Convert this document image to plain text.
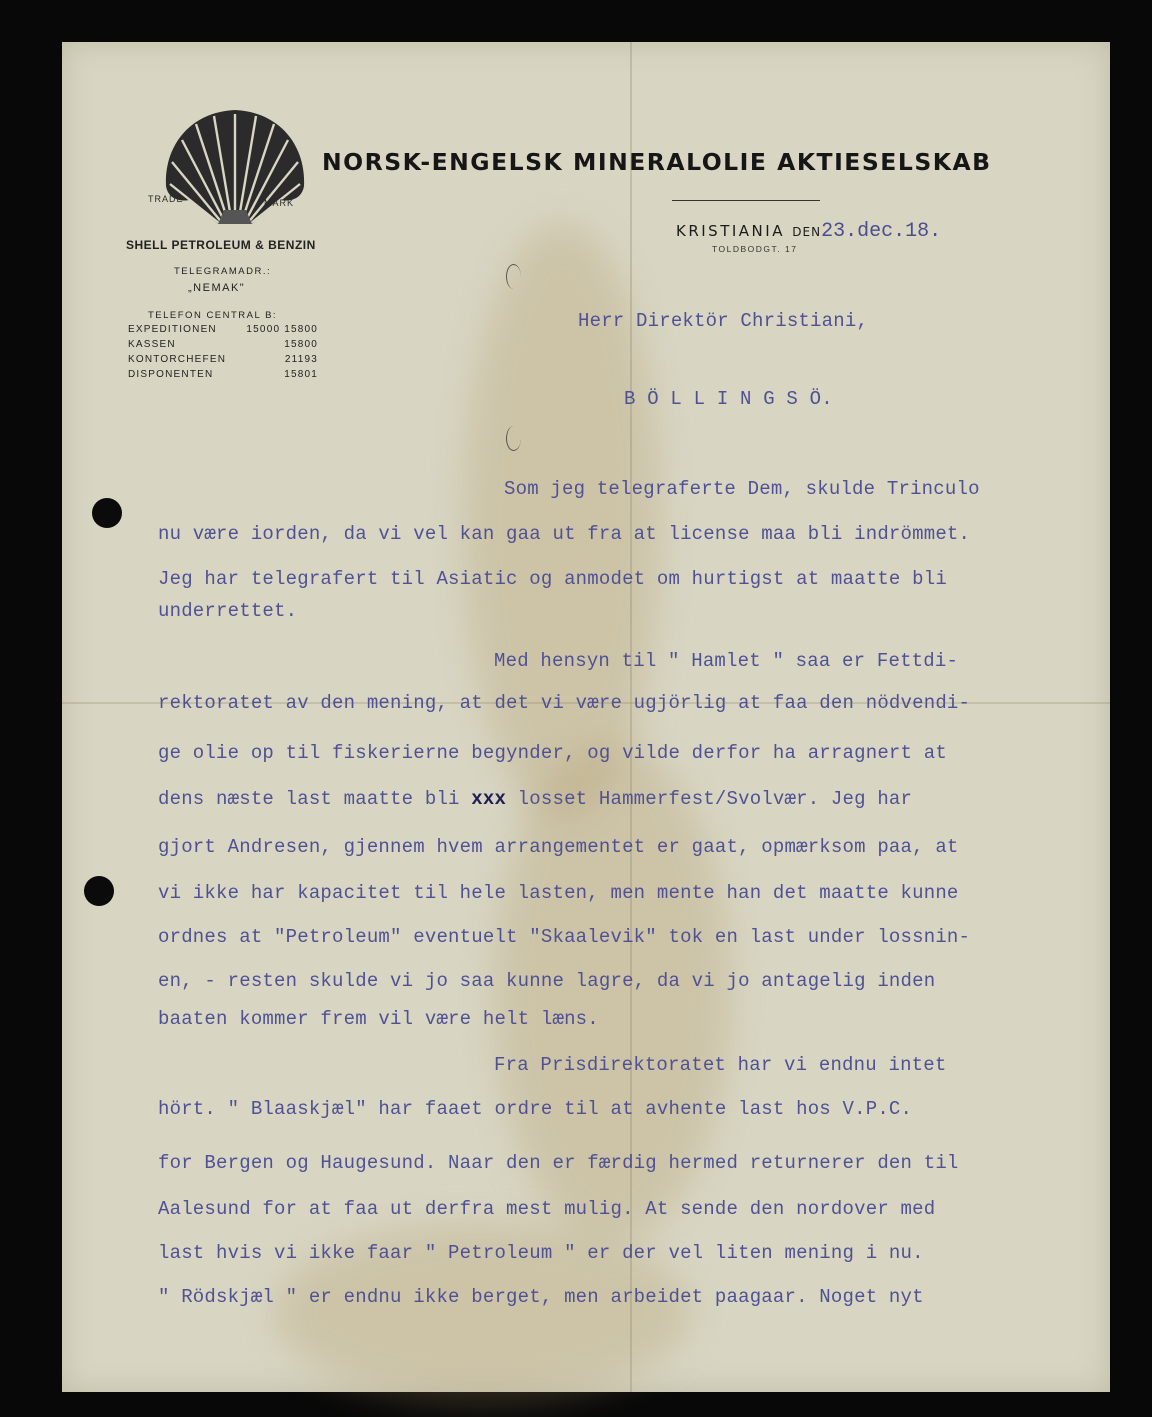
TRADE	MARK
NORSK-ENGELSK MINERALOLIE AKTIESELSKAB
SHELL PETROLEUM & BENZIN
TELEGRAMADR.:
„NEMAK"
TELEFON CENTRAL B:
EXPEDITIONEN	15000 15800
KASSEN	15800
KONTORCHEFEN	21193
DISPONENTEN	15801
KRISTIANIA DEN23.dec.18.
TOLDBODGT. 17
Herr Direktör Christiani,
B Ö L L I N G S Ö.
Som jeg telegraferte Dem, skulde Trinculo
nu være iorden, da vi vel kan gaa ut fra at license maa bli indrömmet.
Jeg har telegrafert til Asiatic og anmodet om hurtigst at maatte bli
underrettet.
Med hensyn til " Hamlet " saa er Fettdi-
rektoratet av den mening, at det vi være ugjörlig at faa den nödvendi-
ge olie op til fiskerierne begynder, og vilde derfor ha arragnert at
dens næste last maatte bli xxx losset Hammerfest/Svolvær. Jeg har
gjort Andresen, gjennem hvem arrangementet er gaat, opmærksom paa, at
vi ikke har kapacitet til hele lasten, men mente han det maatte kunne
ordnes at "Petroleum" eventuelt "Skaalevik" tok en last under lossnin-
en, - resten skulde vi jo saa kunne lagre, da vi jo antagelig inden
baaten kommer frem vil være helt læns.
Fra Prisdirektoratet har vi endnu intet
hört. " Blaaskjæl" har faaet ordre til at avhente last hos V.P.C.
for Bergen og Haugesund. Naar den er færdig hermed returnerer den til
Aalesund for at faa ut derfra mest mulig. At sende den nordover med
last hvis vi ikke faar " Petroleum " er der vel liten mening i nu.
" Rödskjæl " er endnu ikke berget, men arbeidet paagaar. Noget nyt
